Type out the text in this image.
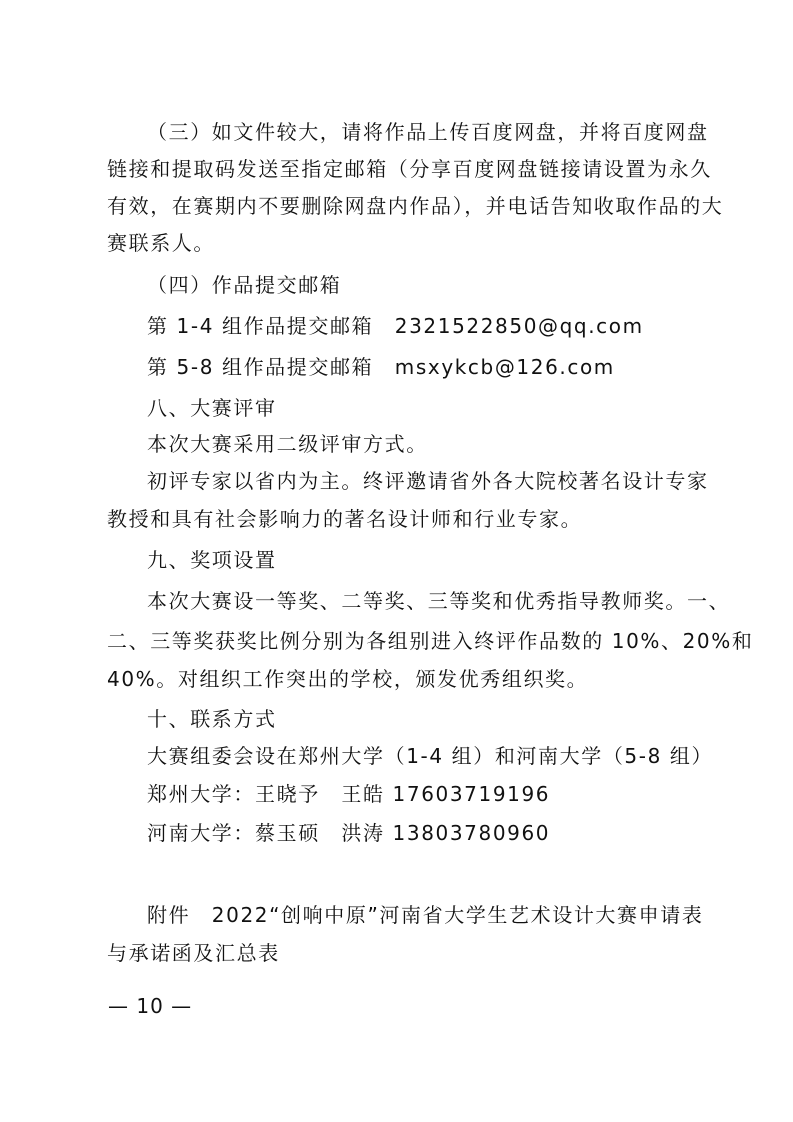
（三）如文件较大，请将作品上传百度网盘，并将百度网盘
链接和提取码发送至指定邮箱（分享百度网盘链接请设置为永久
有效，在赛期内不要删除网盘内作品），并电话告知收取作品的大
赛联系人。
（四）作品提交邮箱
第 1-4 组作品提交邮箱　2321522850@qq.com
第 5-8 组作品提交邮箱　msxykcb@126.com
八、大赛评审
本次大赛采用二级评审方式。
初评专家以省内为主。终评邀请省外各大院校著名设计专家
教授和具有社会影响力的著名设计师和行业专家。
九、奖项设置
本次大赛设一等奖、二等奖、三等奖和优秀指导教师奖。一、
二、三等奖获奖比例分别为各组别进入终评作品数的 10%、20%和
40%。对组织工作突出的学校，颁发优秀组织奖。
十、联系方式
大赛组委会设在郑州大学（1-4 组）和河南大学（5-8 组）
郑州大学：王晓予　王皓 17603719196
河南大学：蔡玉硕　洪涛 13803780960
附件　2022“创响中原”河南省大学生艺术设计大赛申请表
与承诺函及汇总表
— 10 —
